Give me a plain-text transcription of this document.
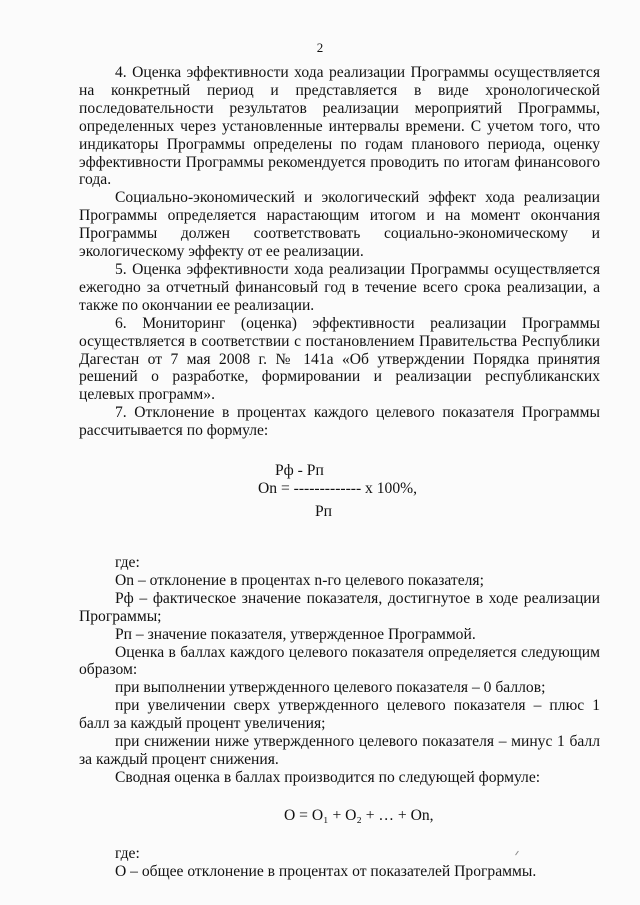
2

4. Оценка эффективности хода реализации Программы осуществляется на конкретный период и представляется в виде хронологической последовательности результатов реализации мероприятий Программы, определенных через установленные интервалы времени. С учетом того, что индикаторы Программы определены по годам планового периода, оценку эффективности Программы рекомендуется проводить по итогам финансового года.

Социально-экономический и экологический эффект хода реализации Программы определяется нарастающим итогом и на момент окончания Программы должен соответствовать социально-экономическому и экологическому эффекту от ее реализации.

5. Оценка эффективности хода реализации Программы осуществляется ежегодно за отчетный финансовый год в течение всего срока реализации, а также по окончании ее реализации.

6. Мониторинг (оценка) эффективности реализации Программы осуществляется в соответствии с постановлением Правительства Республики Дагестан от 7 мая 2008 г. № 141а «Об утверждении Порядка принятия решений о разработке, формировании и реализации республиканских целевых программ».

7. Отклонение в процентах каждого целевого показателя Программы рассчитывается по формуле:

Рф - Рп
Оn = ------------- x 100%,
Рп

где:

Оn – отклонение в процентах n-го целевого показателя;

Рф – фактическое значение показателя, достигнутое в ходе реализации Программы;

Рп – значение показателя, утвержденное Программой.

Оценка в баллах каждого целевого показателя определяется следующим образом:

при выполнении утвержденного целевого показателя – 0 баллов;

при увеличении сверх утвержденного целевого показателя – плюс 1 балл за каждый процент увеличения;

при снижении ниже утвержденного целевого показателя – минус 1 балл за каждый процент снижения.

Сводная оценка в баллах производится по следующей формуле:

О = О₁ + О₂ + … + Оn,

где:

О – общее отклонение в процентах от показателей Программы.
